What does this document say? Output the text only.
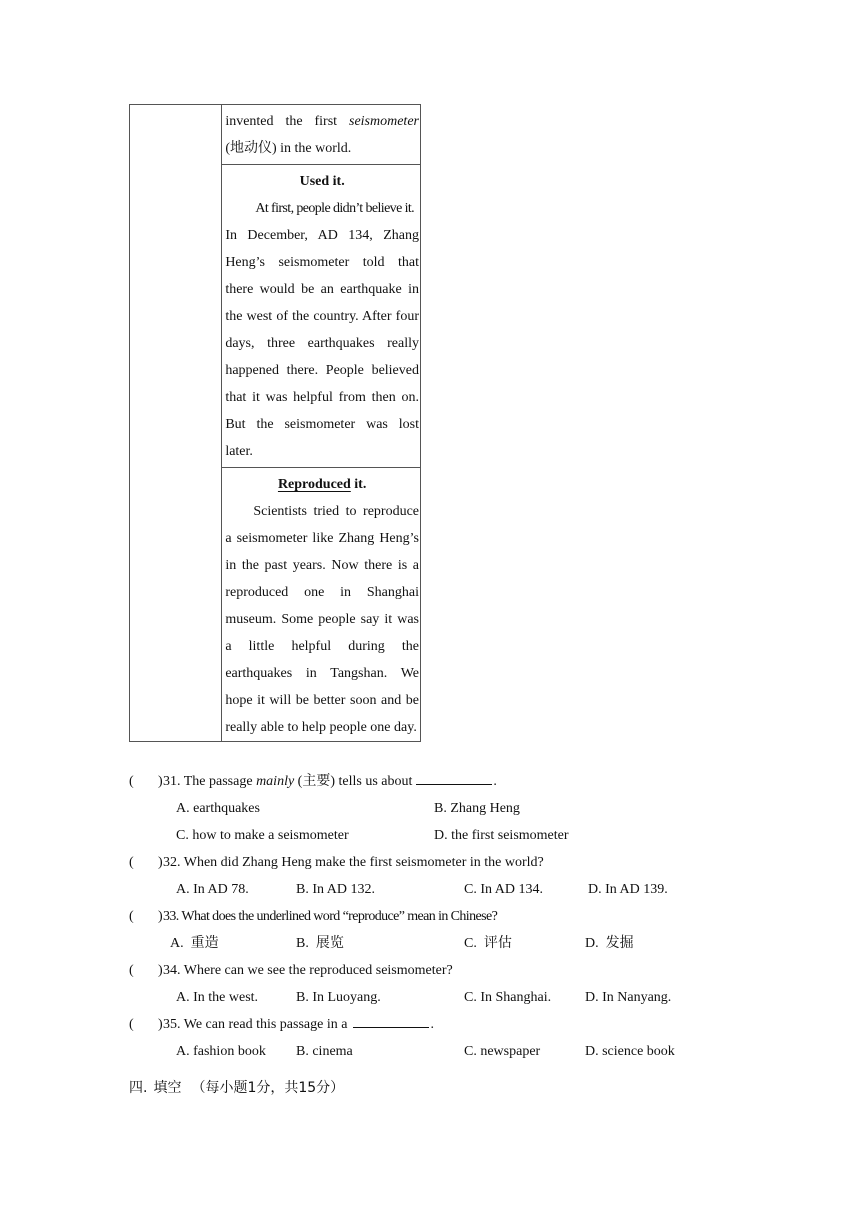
invented the first seismometer
(地动仪) in the world.

Used it.
At first, people didn’t believe it.
In December, AD 134, Zhang Heng’s seismometer told that there would be an earthquake in the west of the country. After four days, three earthquakes really happened there. People believed that it was helpful from then on. But the seismometer was lost later.

Reproduced it.
Scientists tried to reproduce a seismometer like Zhang Heng’s in the past years. Now there is a reproduced one in Shanghai museum. Some people say it was a little helpful during the earthquakes in Tangshan. We hope it will be better soon and be really able to help people one day.
( ) 31. The passage mainly (主要) tells us about	.
A. earthquakes	B. Zhang Heng
C. how to make a seismometer	D. the first seismometer
( ) 32. When did Zhang Heng make the first seismometer in the world?
A. In AD 78.	B. In AD 132.	C. In AD 134.	D. In AD 139.
( ) 33. What does the underlined word “reproduce” mean in Chinese?
A.  重造	B.  展览	C.  评估	D.  发掘
( ) 34. Where can we see the reproduced seismometer?
A. In the west.	B. In Luoyang.	C. In Shanghai. D. In Nanyang.
( ) 35. We can read this passage in a	.
A. fashion book B. cinema	C. newspaper	D. science book
四. 填空 （每小题1分，共15分）
